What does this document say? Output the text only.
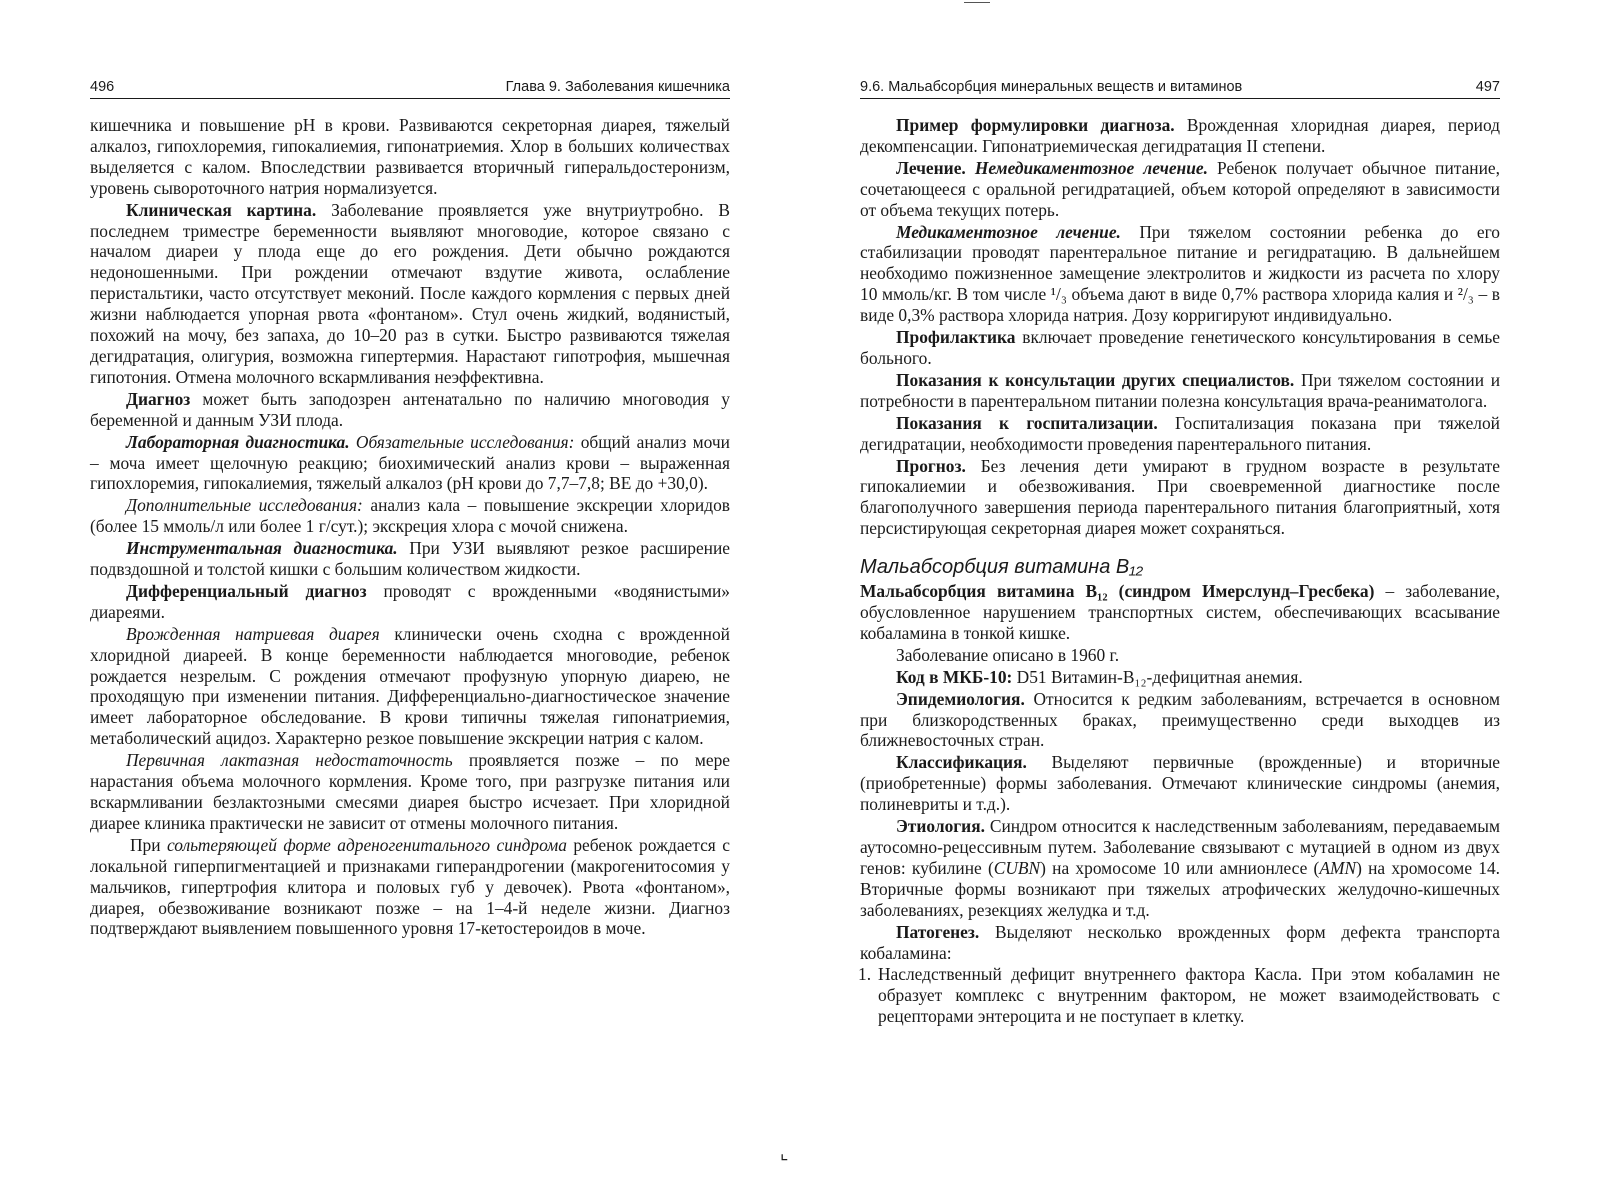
496	Глава 9. Заболевания кишечника

кишечника и повышение pH в крови. Развиваются секреторная диарея, тяжелый алкалоз, гипохлоремия, гипокалиемия, гипонатриемия. Хлор в больших количествах выделяется с калом. Впоследствии развивается вторичный гиперальдостеронизм, уровень сывороточного натрия нормализуется.

Клиническая картина. Заболевание проявляется уже внутриутробно. В последнем триместре беременности выявляют многоводие, которое связано с началом диареи у плода еще до его рождения. Дети обычно рождаются недоношенными. При рождении отмечают вздутие живота, ослабление перистальтики, часто отсутствует меконий. После каждого кормления с первых дней жизни наблюдается упорная рвота «фонтаном». Стул очень жидкий, водянистый, похожий на мочу, без запаха, до 10–20 раз в сутки. Быстро развиваются тяжелая дегидратация, олигурия, возможна гипертермия. Нарастают гипотрофия, мышечная гипотония. Отмена молочного вскармливания неэффективна.

Диагноз может быть заподозрен антенатально по наличию многоводия у беременной и данным УЗИ плода.

Лабораторная диагностика. Обязательные исследования: общий анализ мочи – моча имеет щелочную реакцию; биохимический анализ крови – выраженная гипохлоремия, гипокалиемия, тяжелый алкалоз (pH крови до 7,7–7,8; BE до +30,0).

Дополнительные исследования: анализ кала – повышение экскреции хлоридов (более 15 ммоль/л или более 1 г/сут.); экскреция хлора с мочой снижена.

Инструментальная диагностика. При УЗИ выявляют резкое расширение подвздошной и толстой кишки с большим количеством жидкости.

Дифференциальный диагноз проводят с врожденными «водянистыми» диареями.

Врожденная натриевая диарея клинически очень сходна с врожденной хлоридной диареей. В конце беременности наблюдается многоводие, ребенок рождается незрелым. С рождения отмечают профузную упорную диарею, не проходящую при изменении питания. Дифференциально-диагностическое значение имеет лабораторное обследование. В крови типичны тяжелая гипонатриемия, метаболический ацидоз. Характерно резкое повышение экскреции натрия с калом.

Первичная лактазная недостаточность проявляется позже – по мере нарастания объема молочного кормления. Кроме того, при разгрузке питания или вскармливании безлактозными смесями диарея быстро исчезает. При хлоридной диарее клиника практически не зависит от отмены молочного питания.

При сольтеряющей форме адреногенитального синдрома ребенок рождается с локальной гиперпигментацией и признаками гиперандрогении (макрогенитосомия у мальчиков, гипертрофия клитора и половых губ у девочек). Рвота «фонтаном», диарея, обезвоживание возникают позже – на 1–4-й неделе жизни. Диагноз подтверждают выявлением повышенного уровня 17-кетостероидов в моче.

9.6. Мальабсорбция минеральных веществ и витаминов	497

Пример формулировки диагноза. Врожденная хлоридная диарея, период декомпенсации. Гипонатриемическая дегидратация II степени.

Лечение. Немедикаментозное лечение. Ребенок получает обычное питание, сочетающееся с оральной регидратацией, объем которой определяют в зависимости от объема текущих потерь.

Медикаментозное лечение. При тяжелом состоянии ребенка до его стабилизации проводят парентеральное питание и регидратацию. В дальнейшем необходимо пожизненное замещение электролитов и жидкости из расчета по хлору 10 ммоль/кг. В том числе ¹/₃ объема дают в виде 0,7% раствора хлорида калия и ²/₃ – в виде 0,3% раствора хлорида натрия. Дозу корригируют индивидуально.

Профилактика включает проведение генетического консультирования в семье больного.

Показания к консультации других специалистов. При тяжелом состоянии и потребности в парентеральном питании полезна консультация врача-реаниматолога.

Показания к госпитализации. Госпитализация показана при тяжелой дегидратации, необходимости проведения парентерального питания.

Прогноз. Без лечения дети умирают в грудном возрасте в результате гипокалиемии и обезвоживания. При своевременной диагностике после благополучного завершения периода парентерального питания благоприятный, хотя персистирующая секреторная диарея может сохраняться.

Мальабсорбция витамина B₁₂

Мальабсорбция витамина B₁₂ (синдром Имерслунд–Гресбека) – заболевание, обусловленное нарушением транспортных систем, обеспечивающих всасывание кобаламина в тонкой кишке.

Заболевание описано в 1960 г.

Код в МКБ-10: D51 Витамин-B₁₂-дефицитная анемия.

Эпидемиология. Относится к редким заболеваниям, встречается в основном при близкородственных браках, преимущественно среди выходцев из ближневосточных стран.

Классификация. Выделяют первичные (врожденные) и вторичные (приобретенные) формы заболевания. Отмечают клинические синдромы (анемия, полиневриты и т.д.).

Этиология. Синдром относится к наследственным заболеваниям, передаваемым аутосомно-рецессивным путем. Заболевание связывают с мутацией в одном из двух генов: кубилине (CUBN) на хромосоме 10 или амнионлесе (AMN) на хромосоме 14. Вторичные формы возникают при тяжелых атрофических желудочно-кишечных заболеваниях, резекциях желудка и т.д.

Патогенез. Выделяют несколько врожденных форм дефекта транспорта кобаламина:

1. Наследственный дефицит внутреннего фактора Касла. При этом кобаламин не образует комплекс с внутренним фактором, не может взаимодействовать с рецепторами энтероцита и не поступает в клетку.
⌞
